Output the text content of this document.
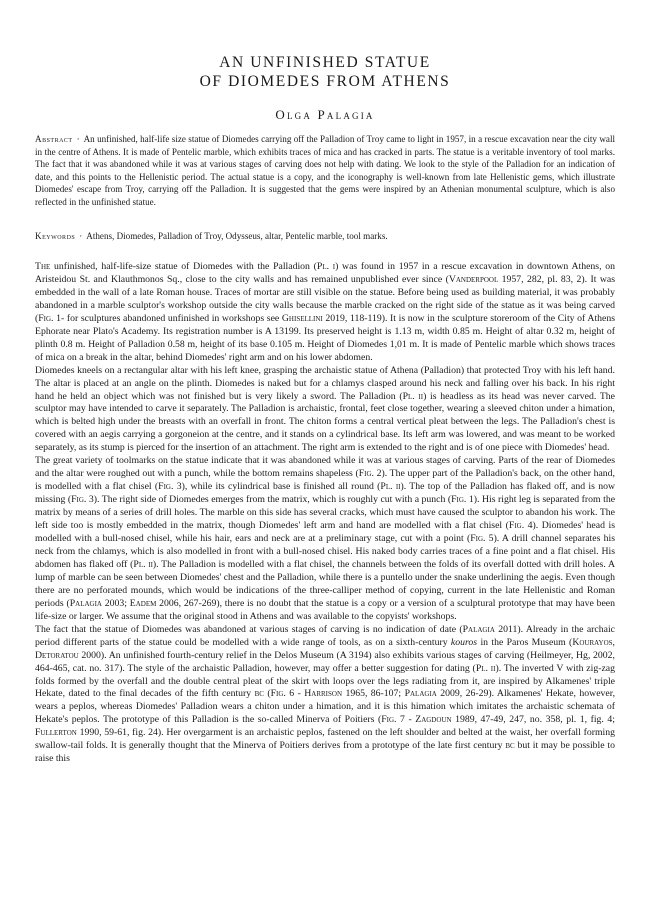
AN UNFINISHED STATUE
OF DIOMEDES FROM ATHENS
Olga Palagia
Abstract · An unfinished, half-life size statue of Diomedes carrying off the Palladion of Troy came to light in 1957, in a rescue excavation near the city wall in the centre of Athens. It is made of Pentelic marble, which exhibits traces of mica and has cracked in parts. The statue is a veritable inventory of tool marks. The fact that it was abandoned while it was at various stages of carving does not help with dating. We look to the style of the Palladion for an indication of date, and this points to the Hellenistic period. The actual statue is a copy, and the iconography is well-known from late Hellenistic gems, which illustrate Diomedes' escape from Troy, carrying off the Palladion. It is suggested that the gems were inspired by an Athenian monumental sculpture, which is also reflected in the unfinished statue.
Keywords · Athens, Diomedes, Palladion of Troy, Odysseus, altar, Pentelic marble, tool marks.

The unfinished, half-life-size statue of Diomedes with the Palladion (Pl. i) was found in 1957 in a rescue excavation in downtown Athens, on Aristeidou St. and Klauthmonos Sq., close to the city walls and has remained unpublished ever since (Vanderpool 1957, 282, pl. 83, 2). It was embedded in the wall of a late Roman house. Traces of mortar are still visible on the statue. Before being used as building material, it was probably abandoned in a marble sculptor's workshop outside the city walls because the marble cracked on the right side of the statue as it was being carved (Fig. 1- for sculptures abandoned unfinished in workshops see Ghisellini 2019, 118-119). It is now in the sculpture storeroom of the City of Athens Ephorate near Plato's Academy. Its registration number is A 13199. Its preserved height is 1.13 m, width 0.85 m. Height of altar 0.32 m, height of plinth 0.8 m. Height of Palladion 0.58 m, height of its base 0.105 m. Height of Diomedes 1,01 m. It is made of Pentelic marble which shows traces of mica on a break in the altar, behind Diomedes' right arm and on his lower abdomen.

Diomedes kneels on a rectangular altar with his left knee, grasping the archaistic statue of Athena (Palladion) that protected Troy with his left hand. The altar is placed at an angle on the plinth. Diomedes is naked but for a chlamys clasped around his neck and falling over his back. In his right hand he held an object which was not finished but is very likely a sword. The Palladion (Pl. ii) is headless as its head was never carved. The sculptor may have intended to carve it separately. The Palladion is archaistic, frontal, feet close together, wearing a sleeved chiton under a himation, which is belted high under the breasts with an overfall in front. The chiton forms a central vertical pleat between the legs. The Palladion's chest is covered with an aegis carrying a gorgoneion at the centre, and it stands on a cylindrical base. Its left arm was lowered, and was meant to be worked separately, as its stump is pierced for the insertion of an attachment. The right arm is extended to the right and is of one piece with Diomedes' head.

The great variety of toolmarks on the statue indicate that it was abandoned while it was at various stages of carving. Parts of the rear of Diomedes and the altar were roughed out with a punch, while the bottom remains shapeless (Fig. 2). The upper part of the Palladion's back, on the other hand, is modelled with a flat chisel (Fig. 3), while its cylindrical base is finished all round (Pl. ii). The top of the Palladion has flaked off, and is now missing (Fig. 3). The right side of Diomedes emerges from the matrix, which is roughly cut with a punch (Fig. 1). His right leg is separated from the matrix by means of a series of drill holes. The marble on this side has several cracks, which must have caused the sculptor to abandon his work. The left side too is mostly embedded in the matrix, though Diomedes' left arm and hand are modelled with a flat chisel (Fig. 4). Diomedes' head is modelled with a bull-nosed chisel, while his hair, ears and neck are at a preliminary stage, cut with a point (Fig. 5). A drill channel separates his neck from the chlamys, which is also modelled in front with a bull-nosed chisel. His naked body carries traces of a fine point and a flat chisel. His abdomen has flaked off (Pl. ii). The Palladion is modelled with a flat chisel, the channels between the folds of its overfall dotted with drill holes. A lump of marble can be seen between Diomedes' chest and the Palladion, while there is a puntello under the snake underlining the aegis. Even though there are no perforated mounds, which would be indications of the three-calliper method of copying, current in the late Hellenistic and Roman periods (Palagia 2003; Eadem 2006, 267-269), there is no doubt that the statue is a copy or a version of a sculptural prototype that may have been life-size or larger. We assume that the original stood in Athens and was available to the copyists' workshops.

The fact that the statue of Diomedes was abandoned at various stages of carving is no indication of date (Palagia 2011). Already in the archaic period different parts of the statue could be modelled with a wide range of tools, as on a sixth-century kouros in the Paros Museum (Kourayos, Detoratou 2000). An unfinished fourth-century relief in the Delos Museum (A 3194) also exhibits various stages of carving (Heilmeyer, Hg, 2002, 464-465, cat. no. 317). The style of the archaistic Palladion, however, may offer a better suggestion for dating (Pl. ii). The inverted V with zig-zag folds formed by the overfall and the double central pleat of the skirt with loops over the legs radiating from it, are inspired by Alkamenes' triple Hekate, dated to the final decades of the fifth century bc (Fig. 6 - Harrison 1965, 86-107; Palagia 2009, 26-29). Alkamenes' Hekate, however, wears a peplos, whereas Diomedes' Palladion wears a chiton under a himation, and it is this himation which imitates the archaistic schemata of Hekate's peplos. The prototype of this Palladion is the so-called Minerva of Poitiers (Fig. 7 - Zagdoun 1989, 47-49, 247, no. 358, pl. 1, fig. 4; Fullerton 1990, 59-61, fig. 24). Her overgarment is an archaistic peplos, fastened on the left shoulder and belted at the waist, her overfall forming swallow-tail folds. It is generally thought that the Minerva of Poitiers derives from a prototype of the late first century bc but it may be possible to raise this
